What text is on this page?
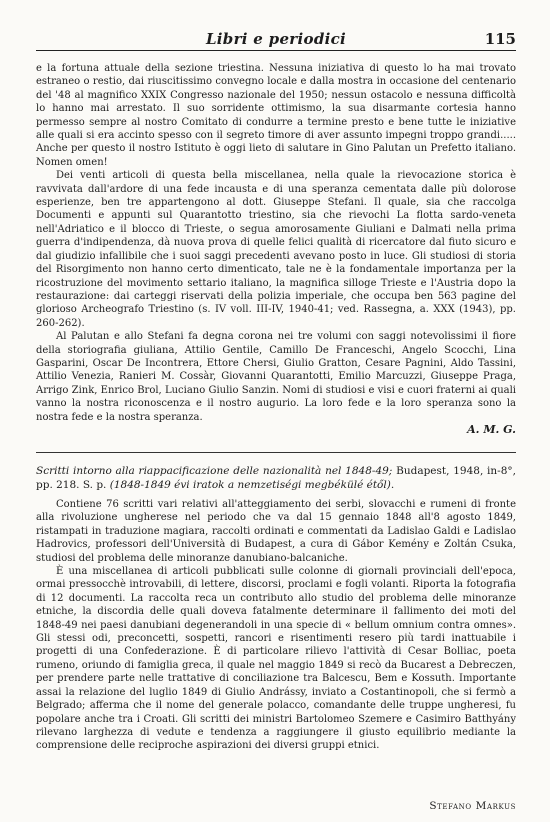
Libri e periodici	115

e la fortuna attuale della sezione triestina. Nessuna iniziativa di questo lo ha mai trovato estraneo o restio, dai riuscitissimo convegno locale e dalla mostra in occasione del centenario del '48 al magnifico XXIX Congresso nazionale del 1950; nessun ostacolo e nessuna difficoltà lo hanno mai arrestato. Il suo sorridente ottimismo, la sua disarmante cortesia hanno permesso sempre al nostro Comitato di condurre a termine presto e bene tutte le iniziative alle quali si era accinto spesso con il segreto timore di aver assunto impegni troppo grandi..... Anche per questo il nostro Istituto è oggi lieto di salutare in Gino Palutan un Prefetto italiano. Nomen omen!

Dei venti articoli di questa bella miscellanea, nella quale la rievocazione storica è ravvivata dall'ardore di una fede incausta e di una speranza cementata dalle più dolorose esperienze, ben tre appartengono al dott. Giuseppe Stefani. Il quale, sia che raccolga Documenti e appunti sul Quarantotto triestino, sia che rievochi La flotta sardo-veneta nell'Adriatico e il blocco di Trieste, o segua amorosamente Giuliani e Dalmati nella prima guerra d'indipendenza, dà nuova prova di quelle felici qualità di ricercatore dal fiuto sicuro e dal giudizio infallibile che i suoi saggi precedenti avevano posto in luce. Gli studiosi di storia del Risorgimento non hanno certo dimenticato, tale ne è la fondamentale importanza per la ricostruzione del movimento settario italiano, la magnifica silloge Trieste e l'Austria dopo la restaurazione: dai carteggi riservati della polizia imperiale, che occupa ben 563 pagine del glorioso Archeografo Triestino (s. IV voll. III-IV, 1940-41; ved. Rassegna, a. XXX (1943), pp. 260-262).

Al Palutan e allo Stefani fa degna corona nei tre volumi con saggi notevolissimi il fiore della storiografia giuliana, Attilio Gentile, Camillo De Franceschi, Angelo Scocchi, Lina Gasparini, Oscar De Incontrera, Ettore Chersi, Giulio Gratton, Cesare Pagnini, Aldo Tassini, Attilio Venezia, Ranieri M. Cossàr, Giovanni Quarantotti, Emilio Marcuzzi, Giuseppe Praga, Arrigo Zink, Enrico Brol, Luciano Giulio Sanzin. Nomi di studiosi e visi e cuori fraterni ai quali vanno la nostra riconoscenza e il nostro augurio. La loro fede e la loro speranza sono la nostra fede e la nostra speranza.

A. M. G.

Scritti intorno alla riappacificazione delle nazionalità nel 1848-49; Budapest, 1948, in-8°, pp. 218. S. p. (1848-1849 évi iratok a nemzetiségi megbékülé étől).

Contiene 76 scritti vari relativi all'atteggiamento dei serbi, slovacchi e rumeni di fronte alla rivoluzione ungherese nel periodo che va dal 15 gennaio 1848 all'8 agosto 1849, ristampati in traduzione magiara, raccolti ordinati e commentati da Ladislao Galdi e Ladislao Hadrovics, professori dell'Università di Budapest, a cura di Gábor Kemény e Zoltán Csuka, studiosi del problema delle minoranze danubiano-balcaniche.

È una miscellanea di articoli pubblicati sulle colonne di giornali provinciali dell'epoca, ormai pressocchè introvabili, di lettere, discorsi, proclami e fogli volanti. Riporta la fotografia di 12 documenti. La raccolta reca un contributo allo studio del problema delle minoranze etniche, la discordia delle quali doveva fatalmente determinare il fallimento dei moti del 1848-49 nei paesi danubiani degenerandoli in una specie di « bellum omnium contra omnes». Gli stessi odi, preconcetti, sospetti, rancori e risentimenti resero più tardi inattuabile i progetti di una Confederazione. È di particolare rilievo l'attività di Cesar Bolliac, poeta rumeno, oriundo di famiglia greca, il quale nel maggio 1849 si recò da Bucarest a Debreczen, per prendere parte nelle trattative di conciliazione tra Balcescu, Bem e Kossuth. Importante assai la relazione del luglio 1849 di Giulio Andrássy, inviato a Costantinopoli, che si fermò a Belgrado; afferma che il nome del generale polacco, comandante delle truppe ungheresi, fu popolare anche tra i Croati. Gli scritti dei ministri Bartolomeo Szemere e Casimiro Batthyány rilevano larghezza di vedute e tendenza a raggiungere il giusto equilibrio mediante la comprensione delle reciproche aspirazioni dei diversi gruppi etnici.

Stefano Markus
